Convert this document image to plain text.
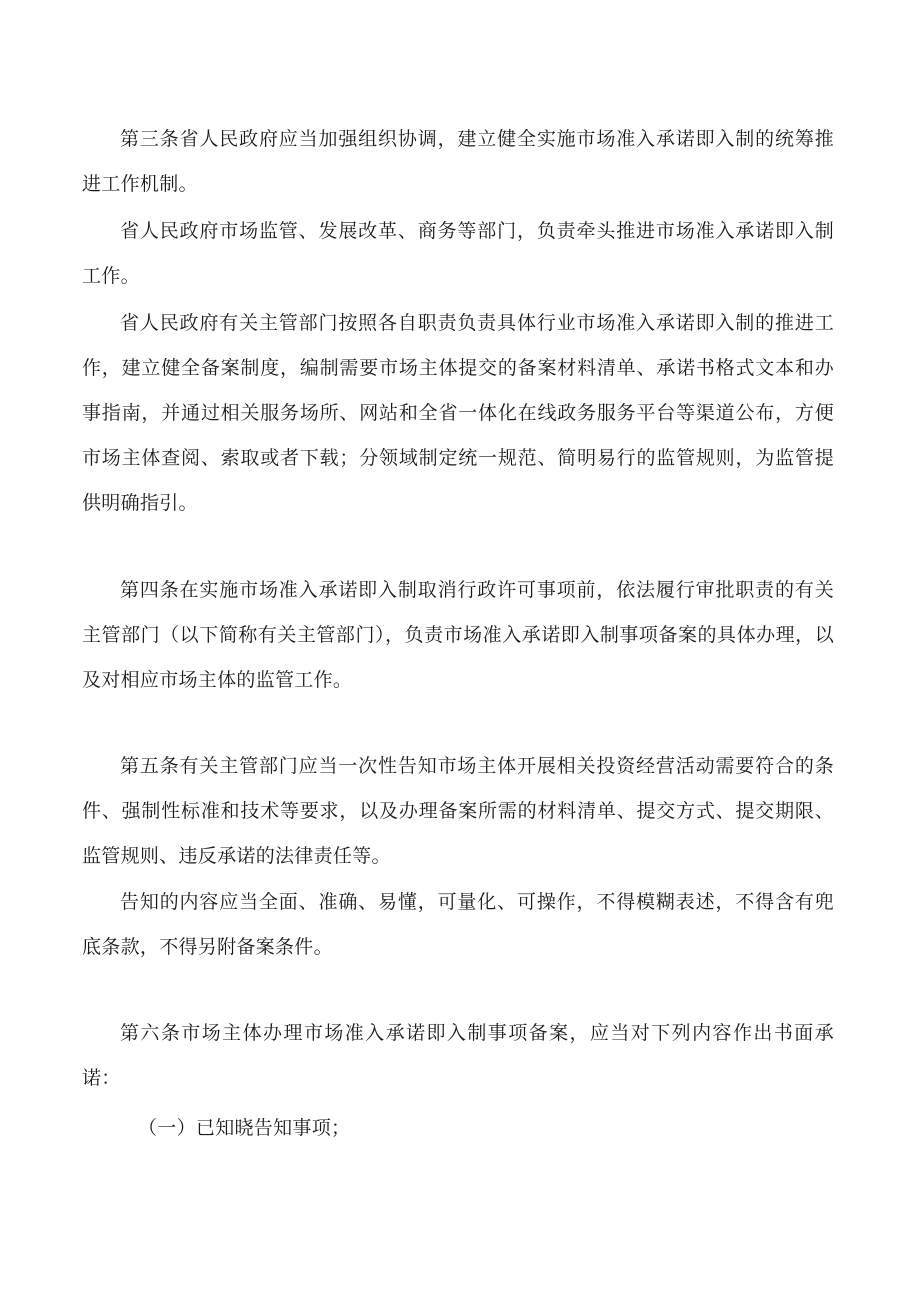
第三条省人民政府应当加强组织协调，建立健全实施市场准入承诺即入制的统筹推进工作机制。

省人民政府市场监管、发展改革、商务等部门，负责牵头推进市场准入承诺即入制工作。

省人民政府有关主管部门按照各自职责负责具体行业市场准入承诺即入制的推进工作，建立健全备案制度，编制需要市场主体提交的备案材料清单、承诺书格式文本和办事指南，并通过相关服务场所、网站和全省一体化在线政务服务平台等渠道公布，方便市场主体查阅、索取或者下载；分领域制定统一规范、简明易行的监管规则，为监管提供明确指引。

第四条在实施市场准入承诺即入制取消行政许可事项前，依法履行审批职责的有关主管部门（以下简称有关主管部门），负责市场准入承诺即入制事项备案的具体办理，以及对相应市场主体的监管工作。

第五条有关主管部门应当一次性告知市场主体开展相关投资经营活动需要符合的条件、强制性标准和技术等要求，以及办理备案所需的材料清单、提交方式、提交期限、监管规则、违反承诺的法律责任等。

告知的内容应当全面、准确、易懂，可量化、可操作，不得模糊表述，不得含有兜底条款，不得另附备案条件。

第六条市场主体办理市场准入承诺即入制事项备案，应当对下列内容作出书面承诺：

（一）已知晓告知事项；
